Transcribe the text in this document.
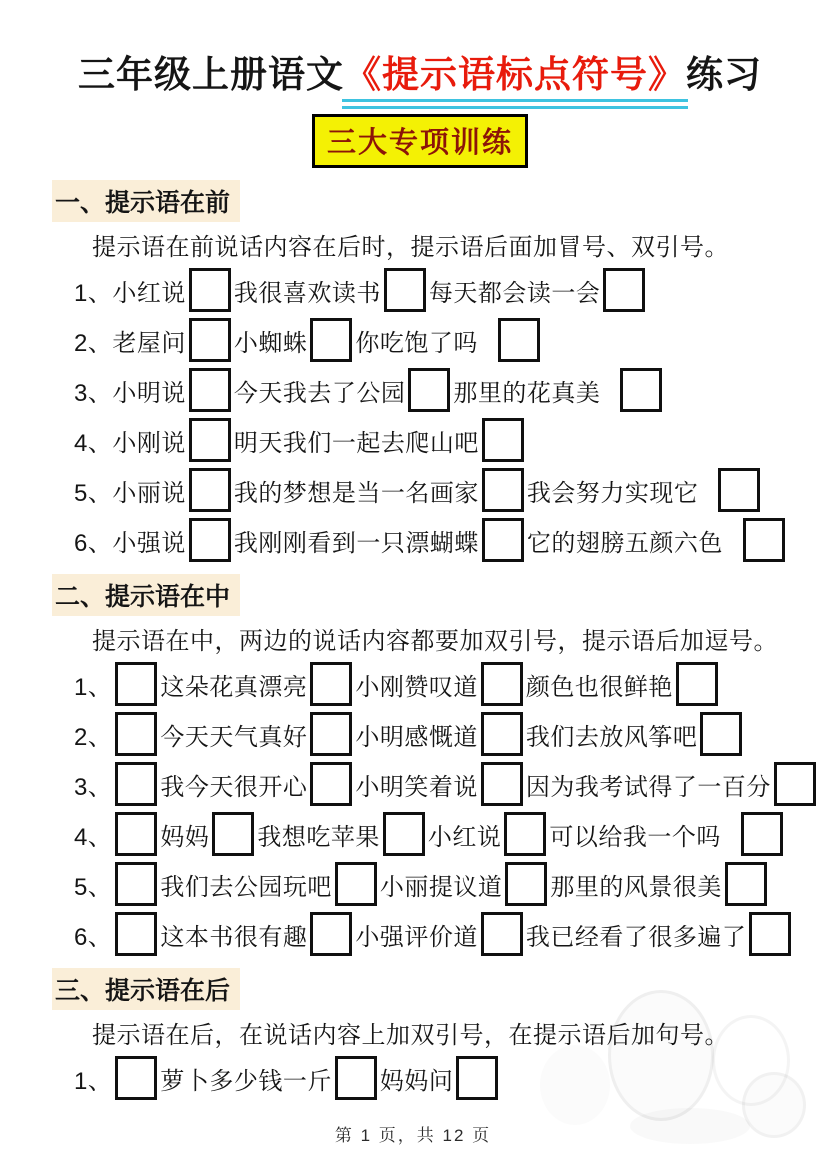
三年级上册语文《提示语标点符号》练习
三大专项训练
一、提示语在前

提示语在前说话内容在后时，提示语后面加冒号、双引号。
1、 小红说 我很喜欢读书 每天都会读一会
2、 老屋问 小蜘蛛 你吃饱了吗
3、 小明说 今天我去了公园 那里的花真美
4、 小刚说 明天我们一起去爬山吧
5、 小丽说 我的梦想是当一名画家 我会努力实现它
6、 小强说 我刚刚看到一只漂蝴蝶 它的翅膀五颜六色
二、提示语在中

提示语在中，两边的说话内容都要加双引号，提示语后加逗号。
1、 这朵花真漂亮 小刚赞叹道 颜色也很鲜艳
2、 今天天气真好 小明感慨道 我们去放风筝吧
3、 我今天很开心 小明笑着说 因为我考试得了一百分
4、 妈妈 我想吃苹果 小红说 可以给我一个吗
5、 我们去公园玩吧 小丽提议道 那里的风景很美
6、 这本书很有趣 小强评价道 我已经看了很多遍了
三、提示语在后

提示语在后，在说话内容上加双引号，在提示语后加句号。
1、 萝卜多少钱一斤 妈妈问
第 1 页，共 12 页
